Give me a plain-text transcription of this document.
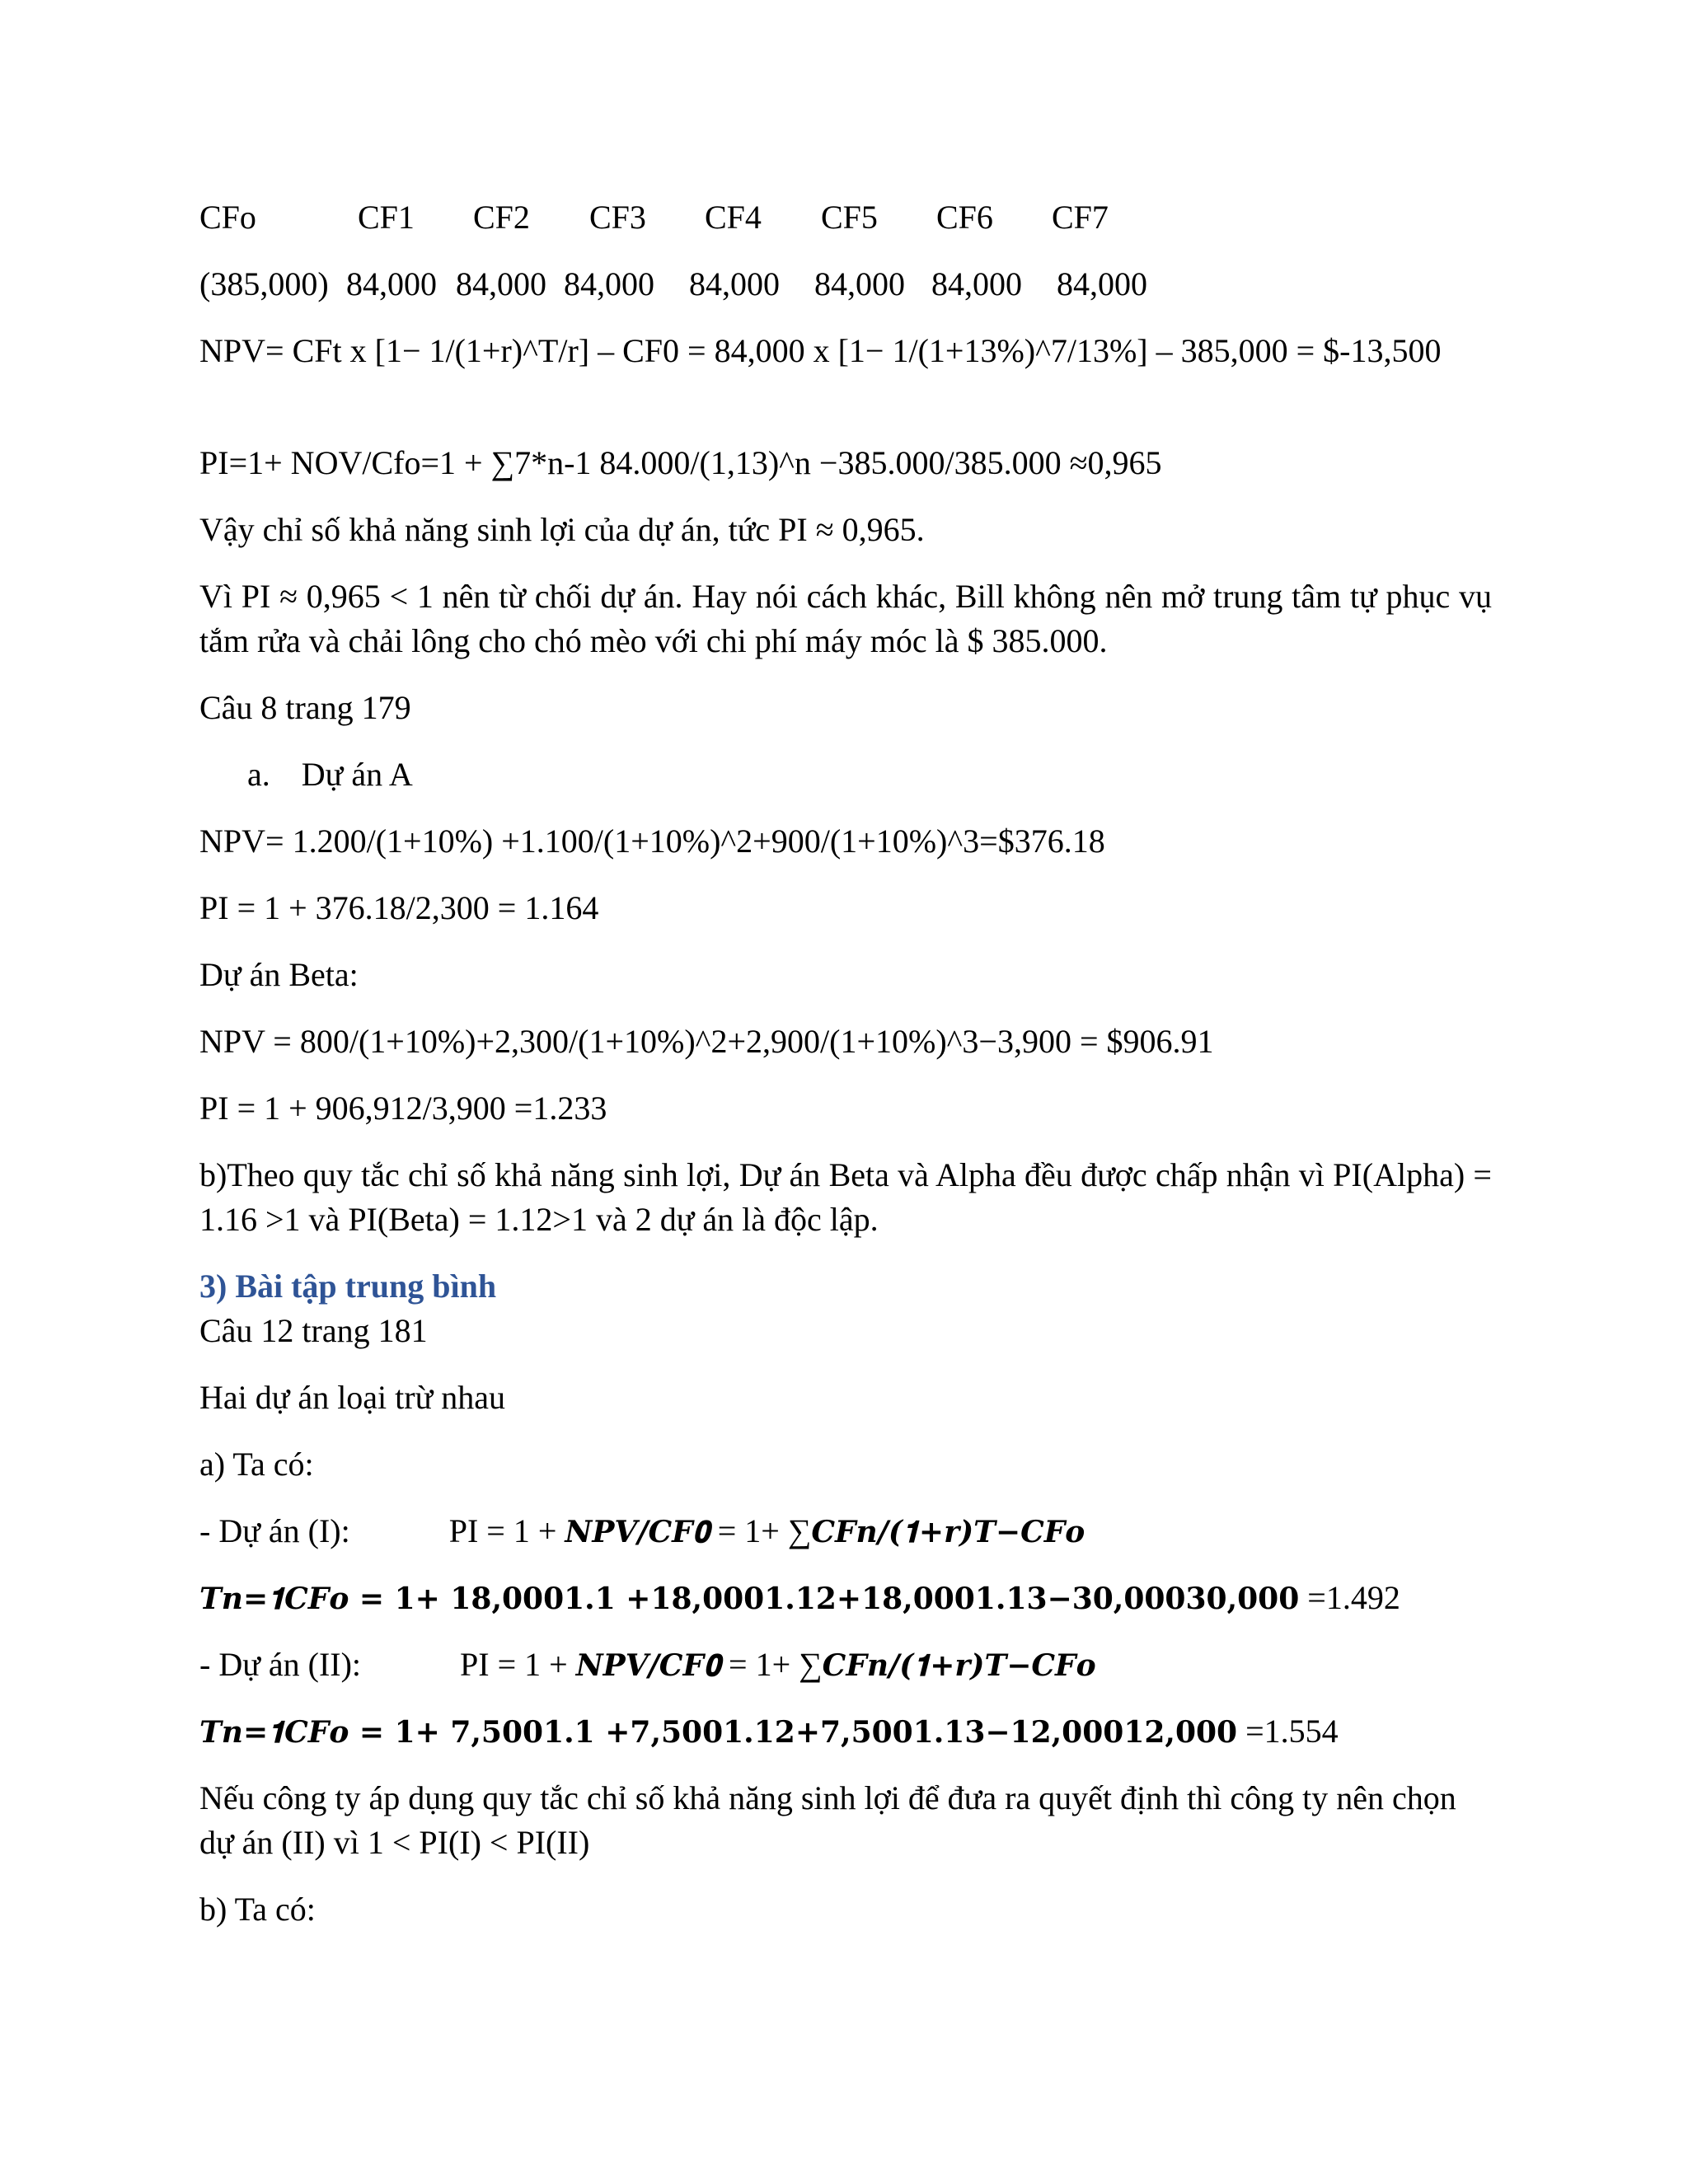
CFo	CF1 CF2 CF3 CF4 CF5 CF6 CF7
(385,000) 84,000 84,000 84,000 84,000 84,000 84,000 84,000
NPV= CFt x [1− 1/(1+r)^T/r] – CF0 = 84,000 x [1− 1/(1+13%)^7/13%] – 385,000 = $-13,500
PI=1+ NOV/Cfo=1 + ∑7*n-1 84.000/(1,13)^n −385.000/385.000 ≈0,965
Vậy chỉ số khả năng sinh lợi của dự án, tức PI ≈ 0,965.
Vì PI ≈ 0,965 < 1 nên từ chối dự án. Hay nói cách khác, Bill không nên mở trung tâm tự phục vụ tắm rửa và chải lông cho chó mèo với chi phí máy móc là $ 385.000.
Câu 8 trang 179
a. Dự án A
NPV= 1.200/(1+10%) +1.100/(1+10%)^2+900/(1+10%)^3=$376.18
PI = 1 + 376.18/2,300 = 1.164
Dự án Beta:
NPV = 800/(1+10%)+2,300/(1+10%)^2+2,900/(1+10%)^3−3,900 = $906.91
PI = 1 + 906,912/3,900 =1.233
b)Theo quy tắc chỉ số khả năng sinh lợi, Dự án Beta và Alpha đều được chấp nhận vì PI(Alpha) = 1.16 >1 và PI(Beta) = 1.12>1 và 2 dự án là độc lập.
3) Bài tập trung bình
Câu 12 trang 181
Hai dự án loại trừ nhau
a) Ta có:
- Dự án (I):	PI = 1 + 𝑵𝑷𝑽/𝑪𝑭𝟎 = 1+ ∑𝑪𝑭𝒏/(𝟏+𝒓)𝑻−𝑪𝑭𝒐
𝑻𝒏=𝟏𝑪𝑭𝒐 = 1+ 𝟏𝟖,𝟎𝟎𝟎𝟏.𝟏 +𝟏𝟖,𝟎𝟎𝟎𝟏.𝟏𝟐+𝟏𝟖,𝟎𝟎𝟎𝟏.𝟏𝟑−𝟑𝟎,𝟎𝟎𝟎𝟑𝟎,𝟎𝟎𝟎 =1.492
- Dự án (II):	PI = 1 + 𝑵𝑷𝑽/𝑪𝑭𝟎 = 1+ ∑𝑪𝑭𝒏/(𝟏+𝒓)𝑻−𝑪𝑭𝒐
𝑻𝒏=𝟏𝑪𝑭𝒐 = 1+ 𝟕,𝟓𝟎𝟎𝟏.𝟏 +𝟕,𝟓𝟎𝟎𝟏.𝟏𝟐+𝟕,𝟓𝟎𝟎𝟏.𝟏𝟑−𝟏𝟐,𝟎𝟎𝟎𝟏𝟐,𝟎𝟎𝟎 =1.554
Nếu công ty áp dụng quy tắc chỉ số khả năng sinh lợi để đưa ra quyết định thì công ty nên chọn dự án (II) vì 1 < PI(I) < PI(II)
b) Ta có:
